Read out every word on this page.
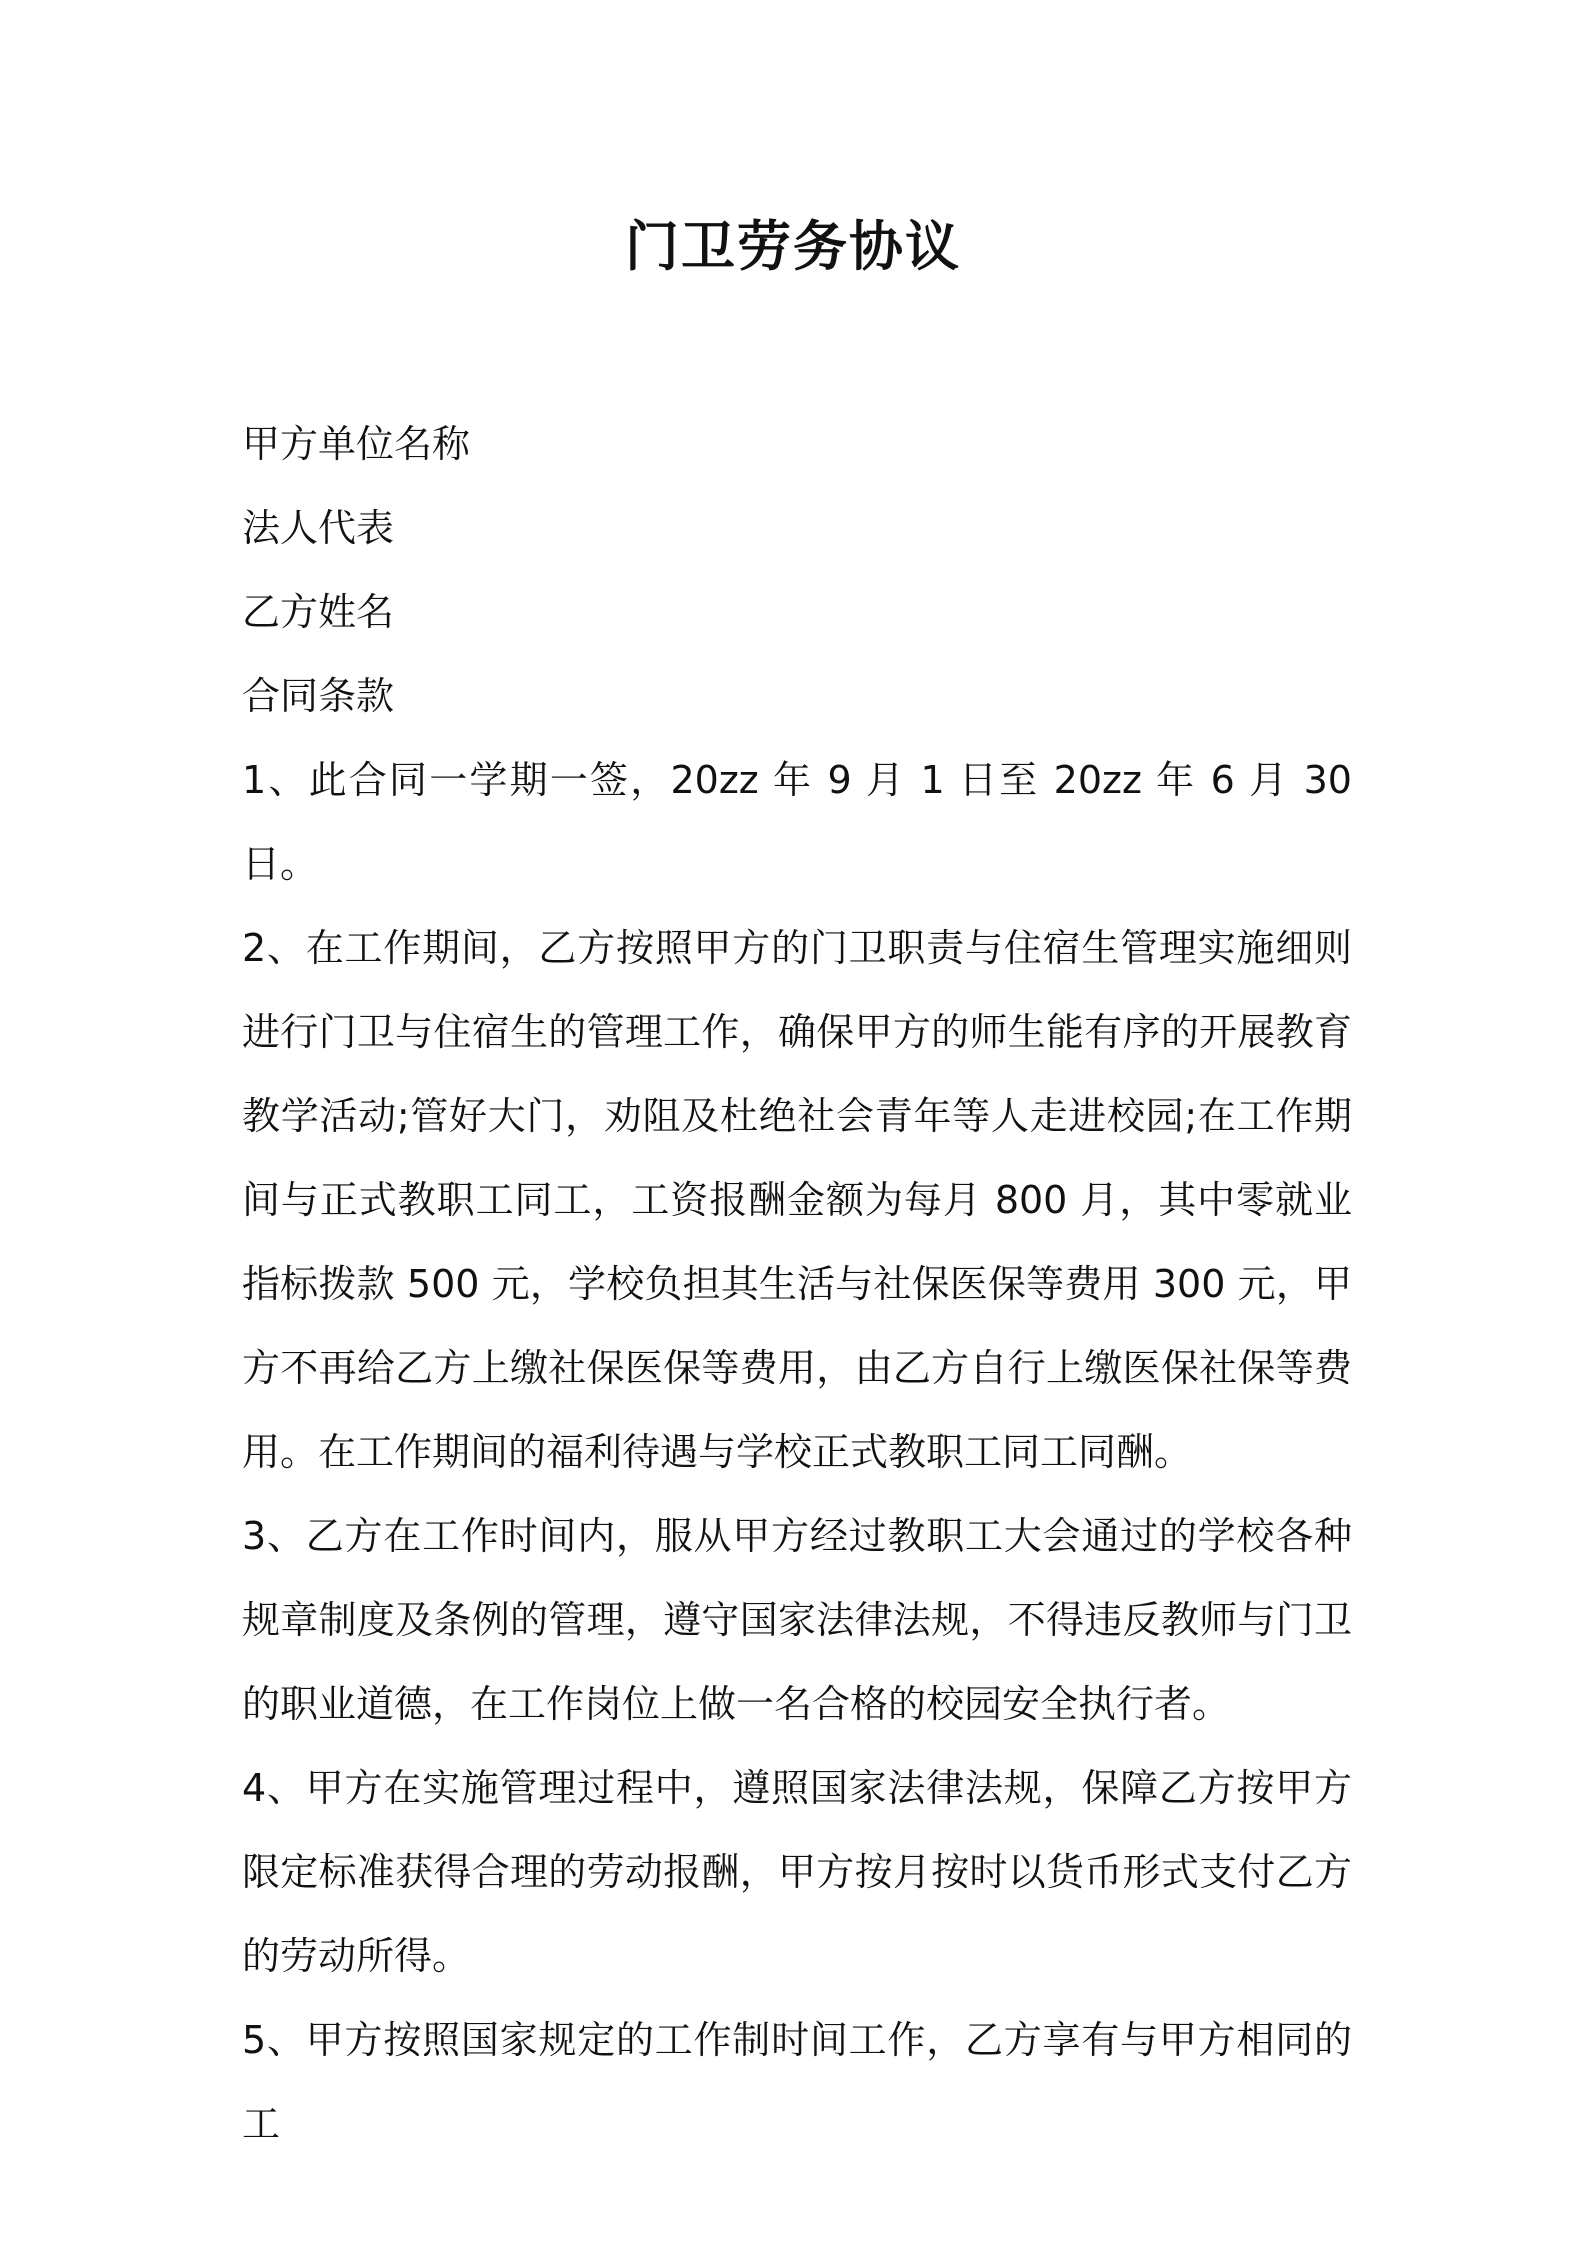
门卫劳务协议

甲方单位名称

法人代表

乙方姓名

合同条款

1、此合同一学期一签，20zz 年 9 月 1 日至 20zz 年 6 月 30 日。

2、在工作期间，乙方按照甲方的门卫职责与住宿生管理实施细则进行门卫与住宿生的管理工作，确保甲方的师生能有序的开展教育教学活动;管好大门，劝阻及杜绝社会青年等人走进校园;在工作期间与正式教职工同工，工资报酬金额为每月 800 月，其中零就业指标拨款 500 元，学校负担其生活与社保医保等费用 300 元，甲方不再给乙方上缴社保医保等费用，由乙方自行上缴医保社保等费用。在工作期间的福利待遇与学校正式教职工同工同酬。

3、乙方在工作时间内，服从甲方经过教职工大会通过的学校各种规章制度及条例的管理，遵守国家法律法规，不得违反教师与门卫的职业道德，在工作岗位上做一名合格的校园安全执行者。

4、甲方在实施管理过程中，遵照国家法律法规，保障乙方按甲方限定标准获得合理的劳动报酬，甲方按月按时以货币形式支付乙方的劳动所得。

5、甲方按照国家规定的工作制时间工作，乙方享有与甲方相同的工
